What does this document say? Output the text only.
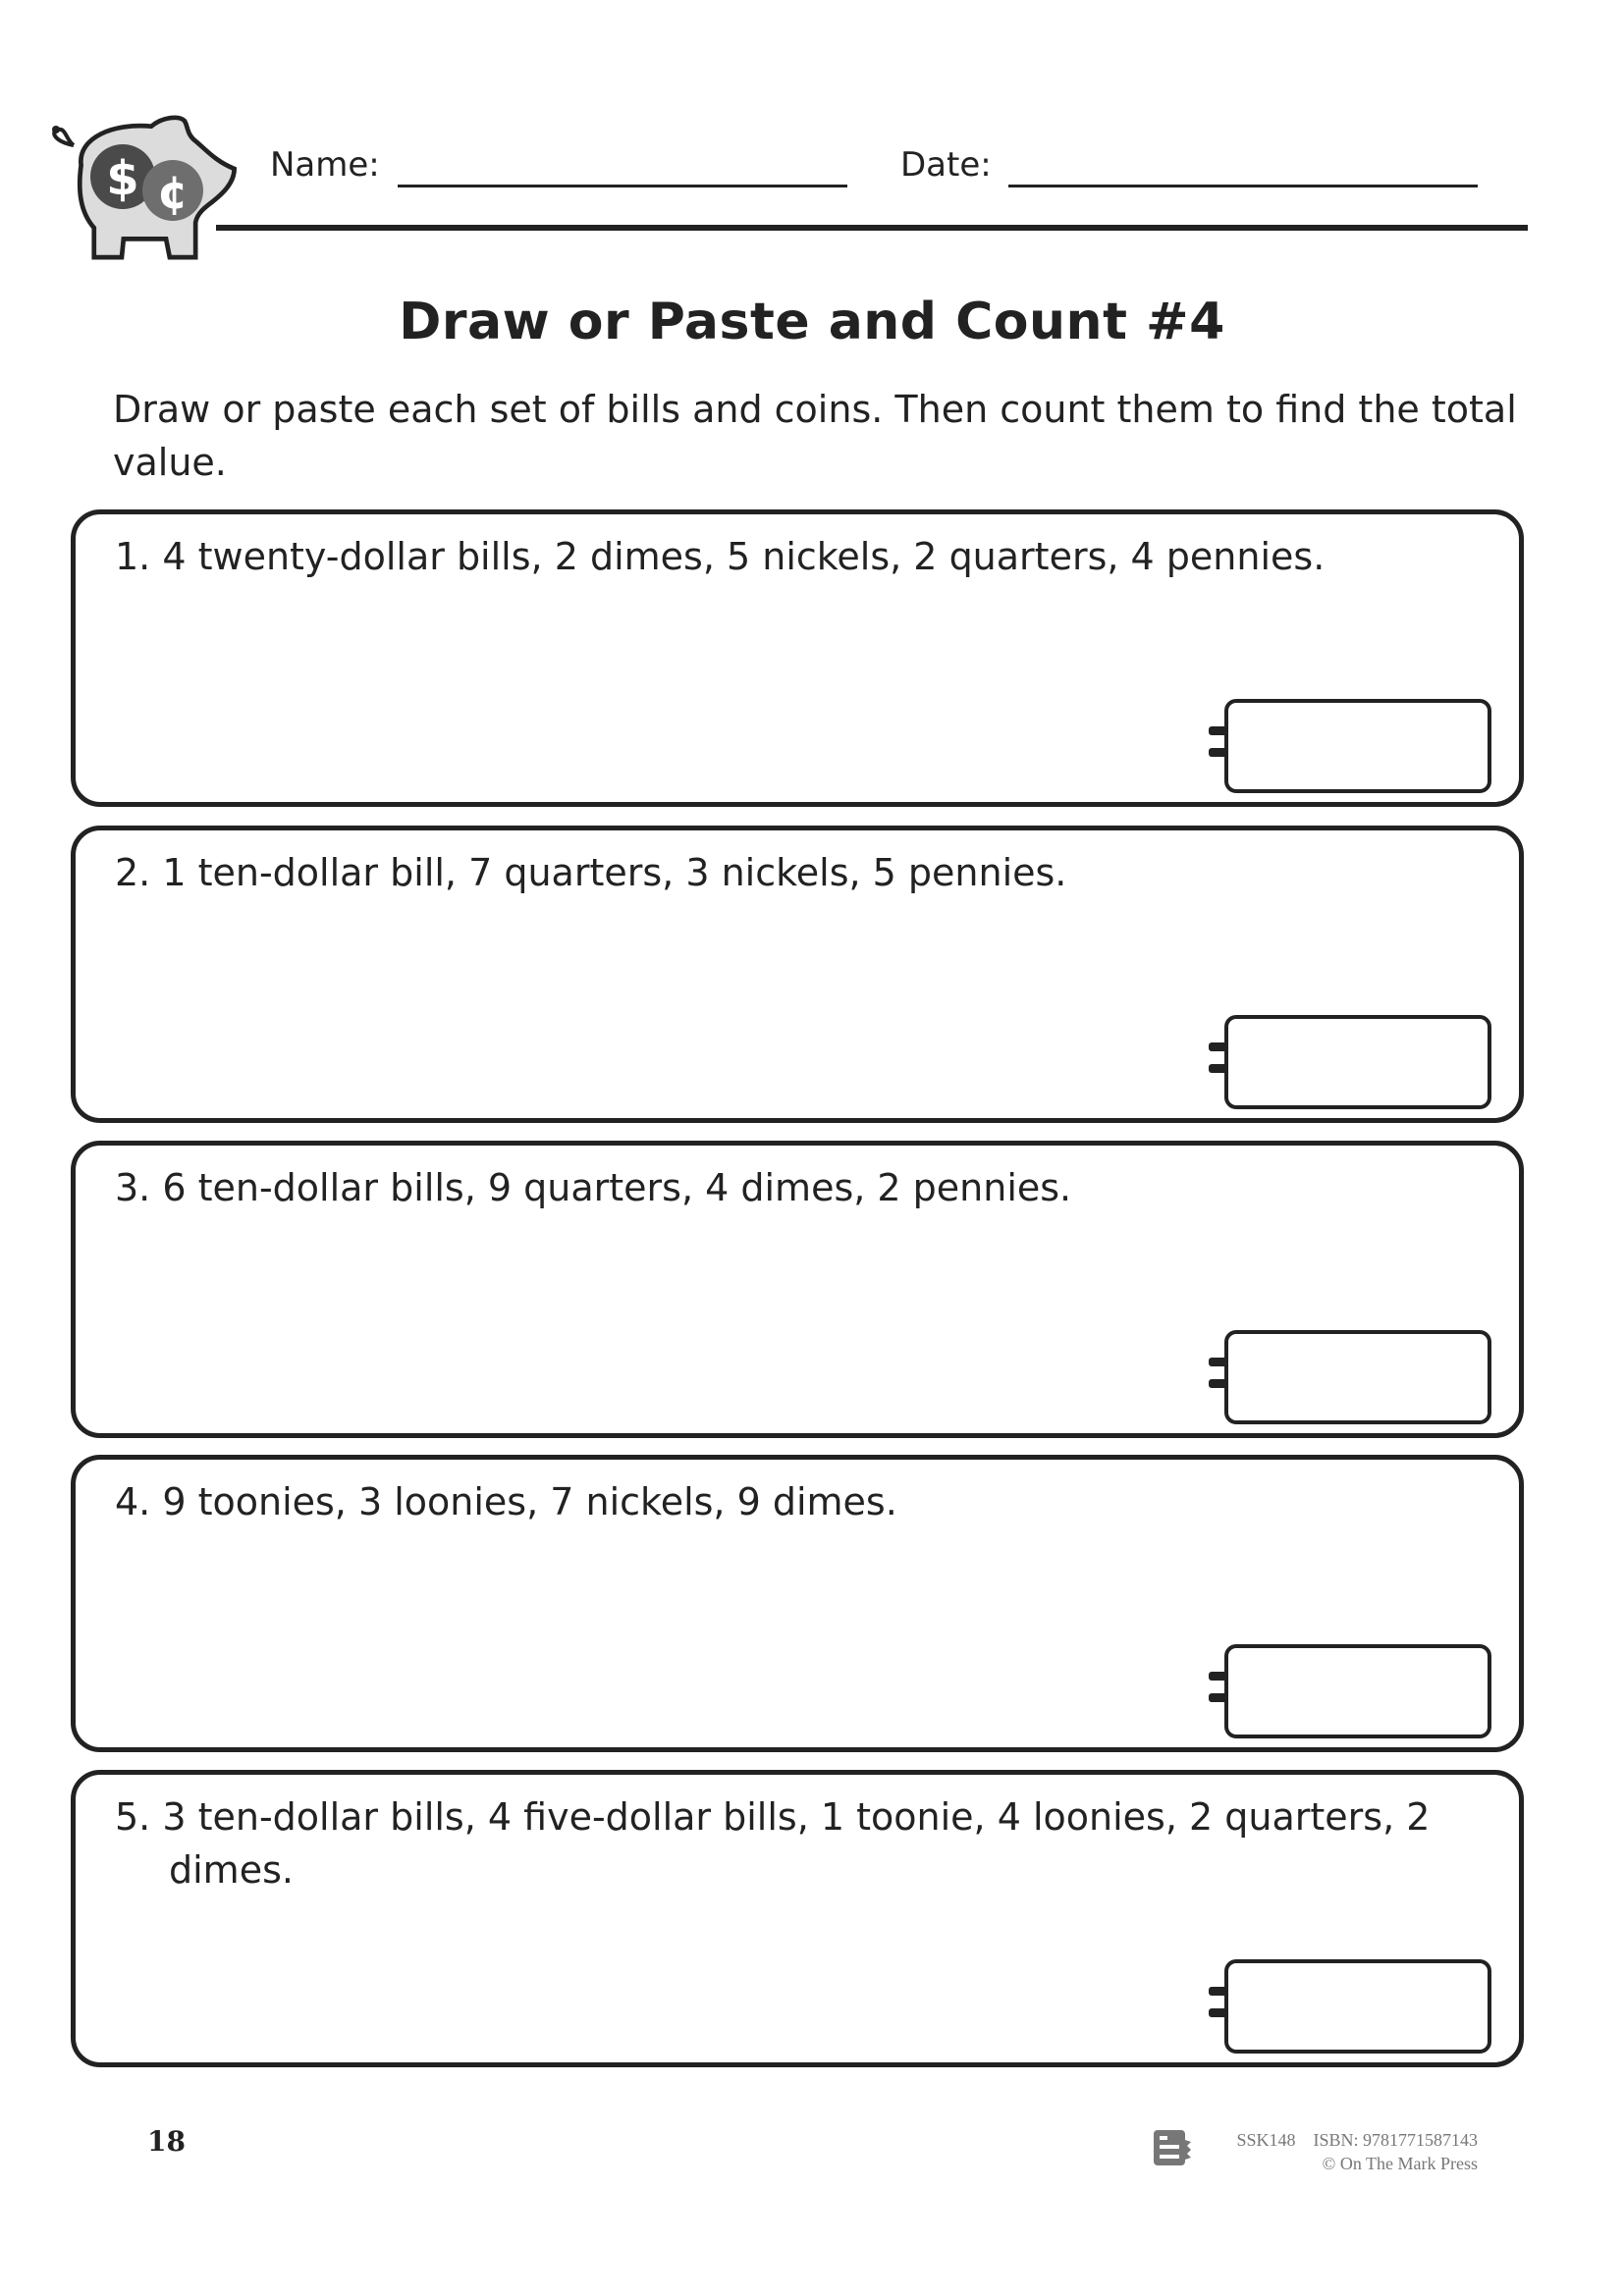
$ ¢
Name:	Date:
Draw or Paste and Count #4
Draw or paste each set of bills and coins. Then count them to find the total value.
1. 4 twenty-dollar bills, 2 dimes, 5 nickels, 2 quarters, 4 pennies.
2. 1 ten-dollar bill, 7 quarters, 3 nickels, 5 pennies.
3. 6 ten-dollar bills, 9 quarters, 4 dimes, 2 pennies.
4. 9 toonies, 3 loonies, 7 nickels, 9 dimes.
5. 3 ten-dollar bills, 4 five-dollar bills, 1 toonie, 4 loonies, 2 quarters, 2 dimes.
18	SSK148 ISBN: 9781771587143
© On The Mark Press
